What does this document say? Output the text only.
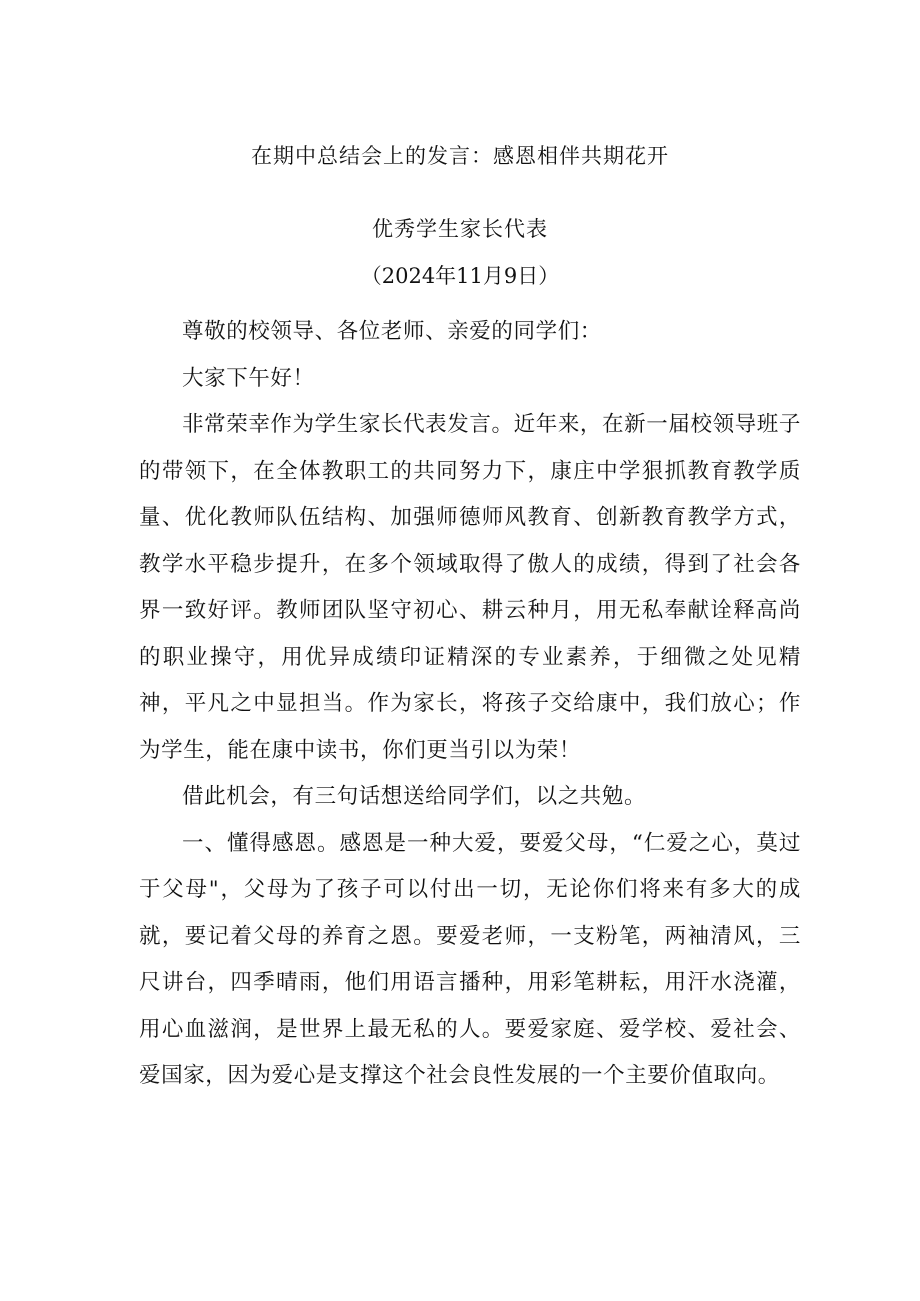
在期中总结会上的发言：感恩相伴共期花开
优秀学生家长代表
（2024年11月9日）

尊敬的校领导、各位老师、亲爱的同学们：

大家下午好！

非常荣幸作为学生家长代表发言。近年来，在新一届校领导班子的带领下，在全体教职工的共同努力下，康庄中学狠抓教育教学质量、优化教师队伍结构、加强师德师风教育、创新教育教学方式，教学水平稳步提升，在多个领域取得了傲人的成绩，得到了社会各界一致好评。教师团队坚守初心、耕云种月，用无私奉献诠释高尚的职业操守，用优异成绩印证精深的专业素养，于细微之处见精神，平凡之中显担当。作为家长，将孩子交给康中，我们放心；作为学生，能在康中读书，你们更当引以为荣！

借此机会，有三句话想送给同学们，以之共勉。

一、懂得感恩。感恩是一种大爱，要爱父母，“仁爱之心，莫过于父母"，父母为了孩子可以付出一切，无论你们将来有多大的成就，要记着父母的养育之恩。要爱老师，一支粉笔，两袖清风，三尺讲台，四季晴雨，他们用语言播种，用彩笔耕耘，用汗水浇灌，用心血滋润，是世界上最无私的人。要爱家庭、爱学校、爱社会、爱国家，因为爱心是支撑这个社会良性发展的一个主要价值取向。
